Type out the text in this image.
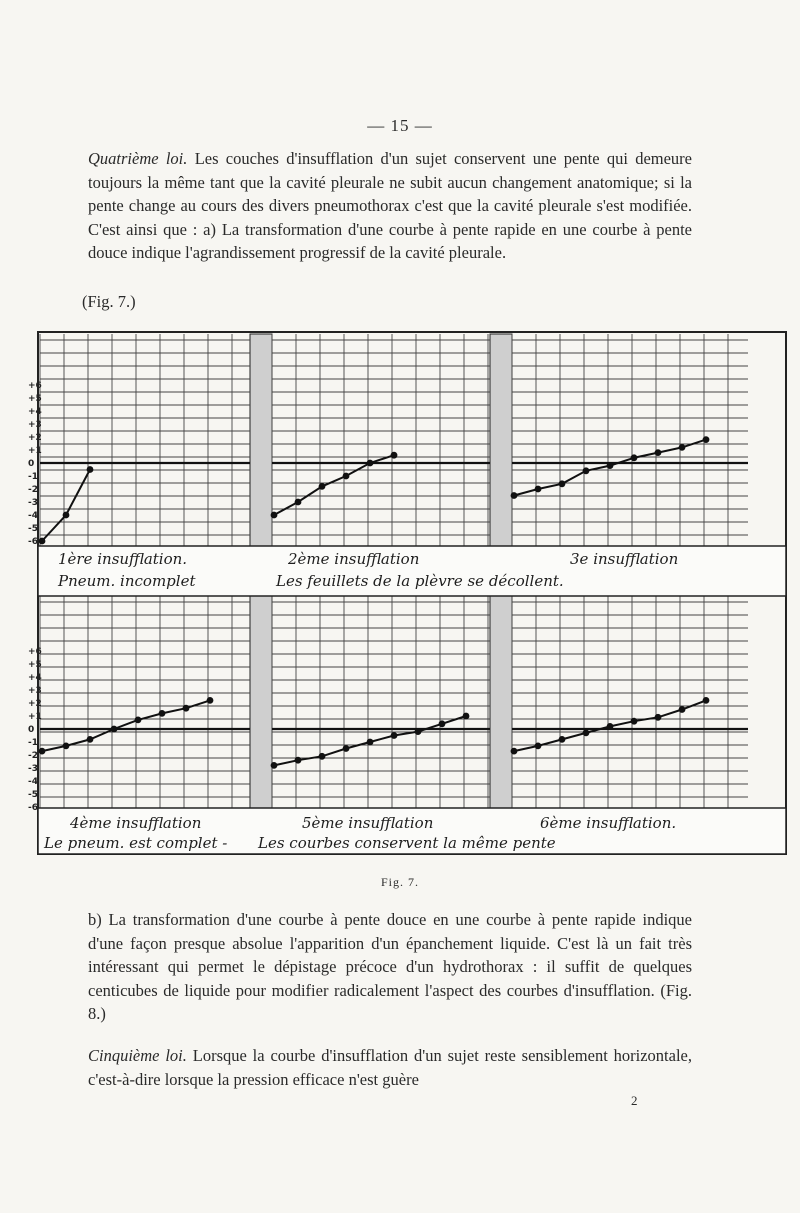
— 15 —
Quatrième loi. Les couches d'insufflation d'un sujet conservent une pente qui demeure toujours la même tant que la cavité pleurale ne subit aucun changement anatomique; si la pente change au cours des divers pneumothorax c'est que la cavité pleurale s'est modifiée. C'est ainsi que : a) La transformation d'une courbe à pente rapide en une courbe à pente douce indique l'agrandissement progressif de la cavité pleurale.
(Fig. 7.)
+6
+5
+4
+3
+2
+1
0
-1
-2
-3
-4
-5
-6
+6
+5
+4
+3
+2
+1
0
-1
-2
-3
-4
-5
-6
1ère insufflation.	2ème insufflation	3e insufflation
Pneum. incomplet	Les feuillets de la plèvre se décollent.
4ème insufflation	5ème insufflation	6ème insufflation.
Le pneum. est complet - Les courbes conservent la même pente
Fig. 7.
b) La transformation d'une courbe à pente douce en une courbe à pente rapide indique d'une façon presque absolue l'apparition d'un épanchement liquide. C'est là un fait très intéressant qui permet le dépistage précoce d'un hydrothorax : il suffit de quelques centicubes de liquide pour modifier radicalement l'aspect des courbes d'insufflation. (Fig. 8.)
Cinquième loi. Lorsque la courbe d'insufflation d'un sujet reste sensiblement horizontale, c'est-à-dire lorsque la pression efficace n'est guère
2
